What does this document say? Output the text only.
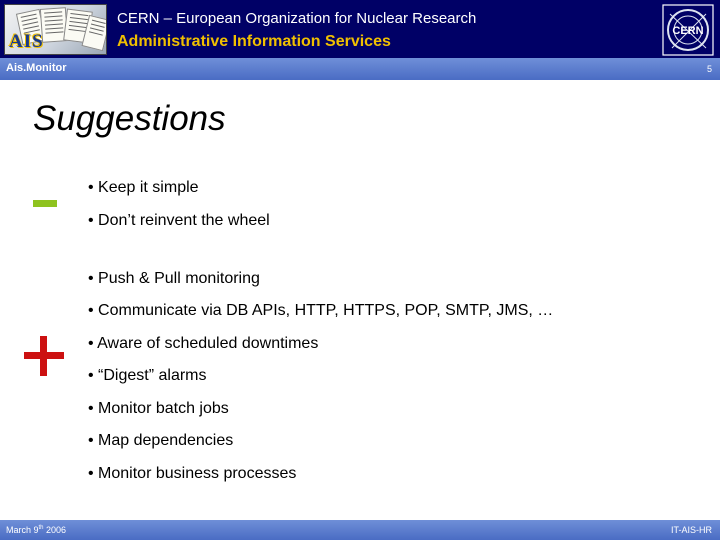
AIS
CERN – European Organization for Nuclear Research
Administrative Information Services
CERN
Ais.Monitor	5
Suggestions
• Keep it simple
• Don’t reinvent the wheel
• Push & Pull monitoring
• Communicate via DB APIs, HTTP, HTTPS, POP, SMTP, JMS, …
• Aware of scheduled downtimes
• “Digest” alarms
• Monitor batch jobs
• Map dependencies
• Monitor business processes
March 9th 2006	IT-AIS-HR
